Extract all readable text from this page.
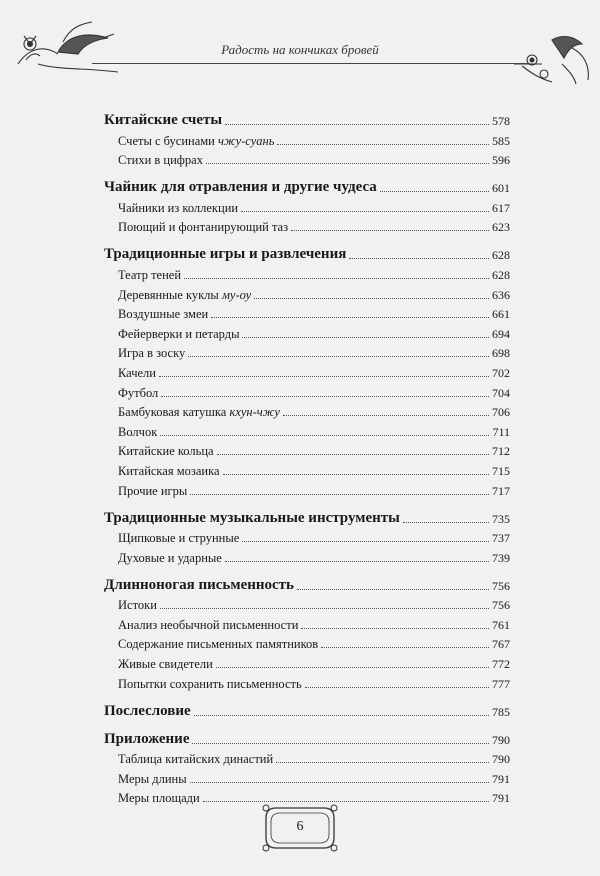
Радость на кончиках бровей
Китайские счеты	578
Счеты с бусинами чжу-суань	585
Стихи в цифрах	596
Чайник для отравления и другие чудеса	601
Чайники из коллекции	617
Поющий и фонтанирующий таз	623
Традиционные игры и развлечения	628
Театр теней	628
Деревянные куклы му-оу	636
Воздушные змеи	661
Фейерверки и петарды	694
Игра в зоску	698
Качели	702
Футбол	704
Бамбуковая катушка кхун-чжу	706
Волчок	711
Китайские кольца	712
Китайская мозаика	715
Прочие игры	717
Традиционные музыкальные инструменты	735
Щипковые и струнные	737
Духовые и ударные	739
Длинноногая письменность	756
Истоки	756
Анализ необычной письменности	761
Содержание письменных памятников	767
Живые свидетели	772
Попытки сохранить письменность	777
Послесловие	785
Приложение	790
Таблица китайских династий	790
Меры длины	791
Меры площади	791
6
